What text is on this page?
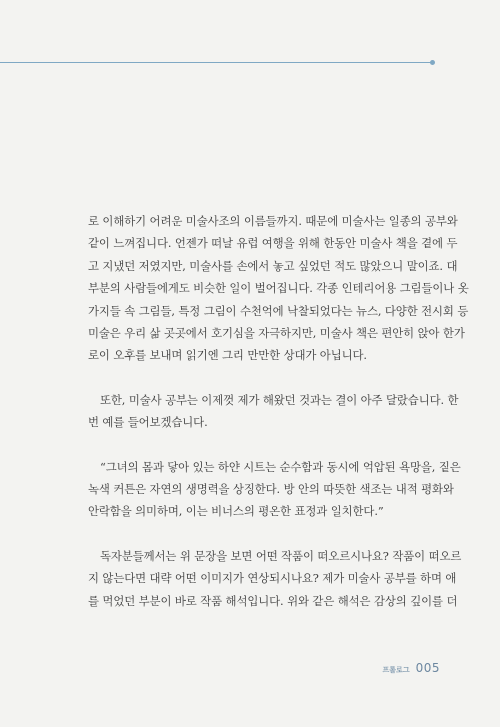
로 이해하기 어려운 미술사조의 이름들까지. 때문에 미술사는 일종의 공부와
같이 느껴집니다. 언젠가 떠날 유럽 여행을 위해 한동안 미술사 책을 곁에 두
고 지냈던 저였지만, 미술사를 손에서 놓고 싶었던 적도 많았으니 말이죠. 대
부분의 사람들에게도 비슷한 일이 벌어집니다. 각종 인테리어용 그림들이나 옷
가지들 속 그림들, 특정 그림이 수천억에 낙찰되었다는 뉴스, 다양한 전시회 등
미술은 우리 삶 곳곳에서 호기심을 자극하지만, 미술사 책은 편안히 앉아 한가
로이 오후를 보내며 읽기엔 그리 만만한 상대가 아닙니다.

또한, 미술사 공부는 이제껏 제가 해왔던 것과는 결이 아주 달랐습니다. 한
번 예를 들어보겠습니다.

“그녀의 몸과 닿아 있는 하얀 시트는 순수함과 동시에 억압된 욕망을, 짙은
녹색 커튼은 자연의 생명력을 상징한다. 방 안의 따뜻한 색조는 내적 평화와
안락함을 의미하며, 이는 비너스의 평온한 표정과 일치한다.”

독자분들께서는 위 문장을 보면 어떤 작품이 떠오르시나요? 작품이 떠오르
지 않는다면 대략 어떤 이미지가 연상되시나요? 제가 미술사 공부를 하며 애
를 먹었던 부분이 바로 작품 해석입니다. 위와 같은 해석은 감상의 깊이를 더

프롤로그 005
